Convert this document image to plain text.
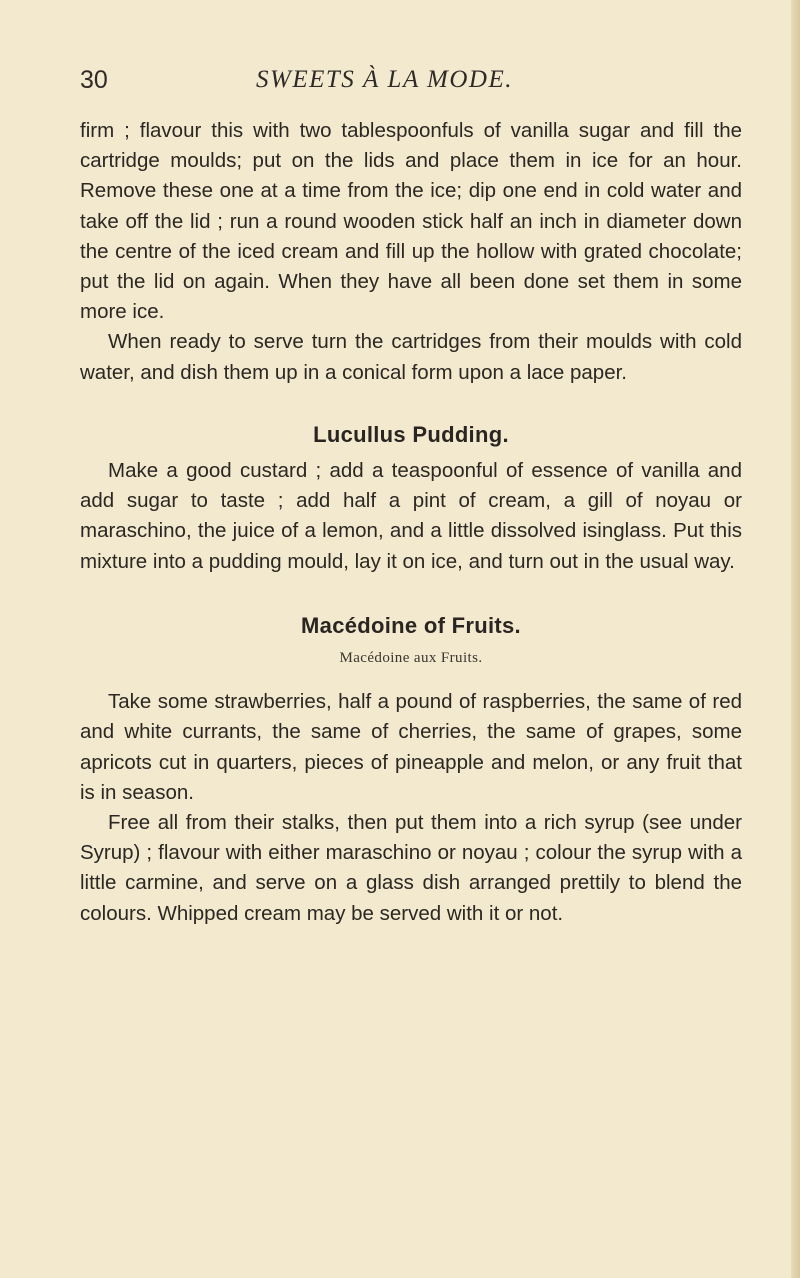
30	SWEETS À LA MODE.

firm ; flavour this with two tablespoonfuls of vanilla sugar and fill the cartridge moulds; put on the lids and place them in ice for an hour. Remove these one at a time from the ice; dip one end in cold water and take off the lid ; run a round wooden stick half an inch in diameter down the centre of the iced cream and fill up the hollow with grated chocolate; put the lid on again. When they have all been done set them in some more ice.

When ready to serve turn the cartridges from their moulds with cold water, and dish them up in a conical form upon a lace paper.

Lucullus Pudding.

Make a good custard ; add a teaspoonful of essence of vanilla and add sugar to taste ; add half a pint of cream, a gill of noyau or maraschino, the juice of a lemon, and a little dissolved isinglass. Put this mixture into a pudding mould, lay it on ice, and turn out in the usual way.

Macédoine of Fruits.

Macédoine aux Fruits.

Take some strawberries, half a pound of raspberries, the same of red and white currants, the same of cherries, the same of grapes, some apricots cut in quarters, pieces of pineapple and melon, or any fruit that is in season.

Free all from their stalks, then put them into a rich syrup (see under Syrup) ; flavour with either maraschino or noyau ; colour the syrup with a little carmine, and serve on a glass dish arranged prettily to blend the colours. Whipped cream may be served with it or not.
